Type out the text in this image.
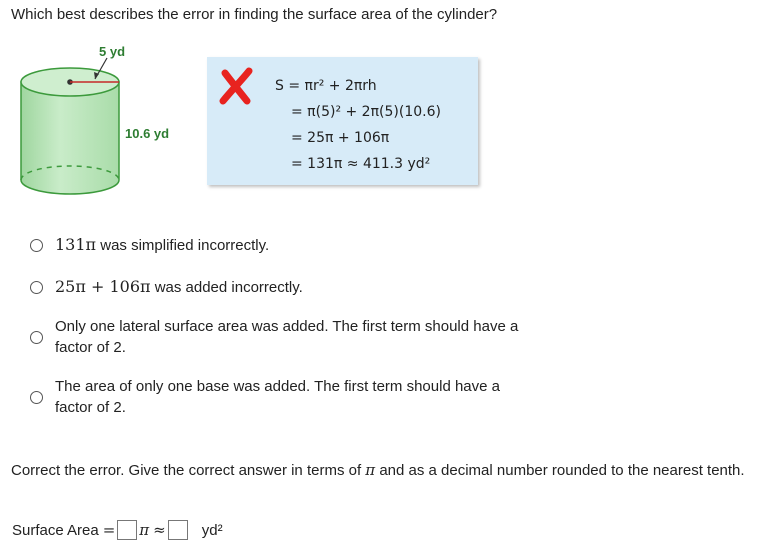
Which best describes the error in finding the surface area of the cylinder?
5 yd
10.6 yd
S = πr² + 2πrh
= π(5)² + 2π(5)(10.6)
= 25π + 106π
= 131π ≈ 411.3 yd²
131π was simplified incorrectly.
25π + 106π was added incorrectly.
Only one lateral surface area was added. The first term should have a factor of 2.
The area of only one base was added. The first term should have a factor of 2.
Correct the error. Give the correct answer in terms of π and as a decimal number rounded to the nearest tenth.
Surface Area = π ≈ yd²
